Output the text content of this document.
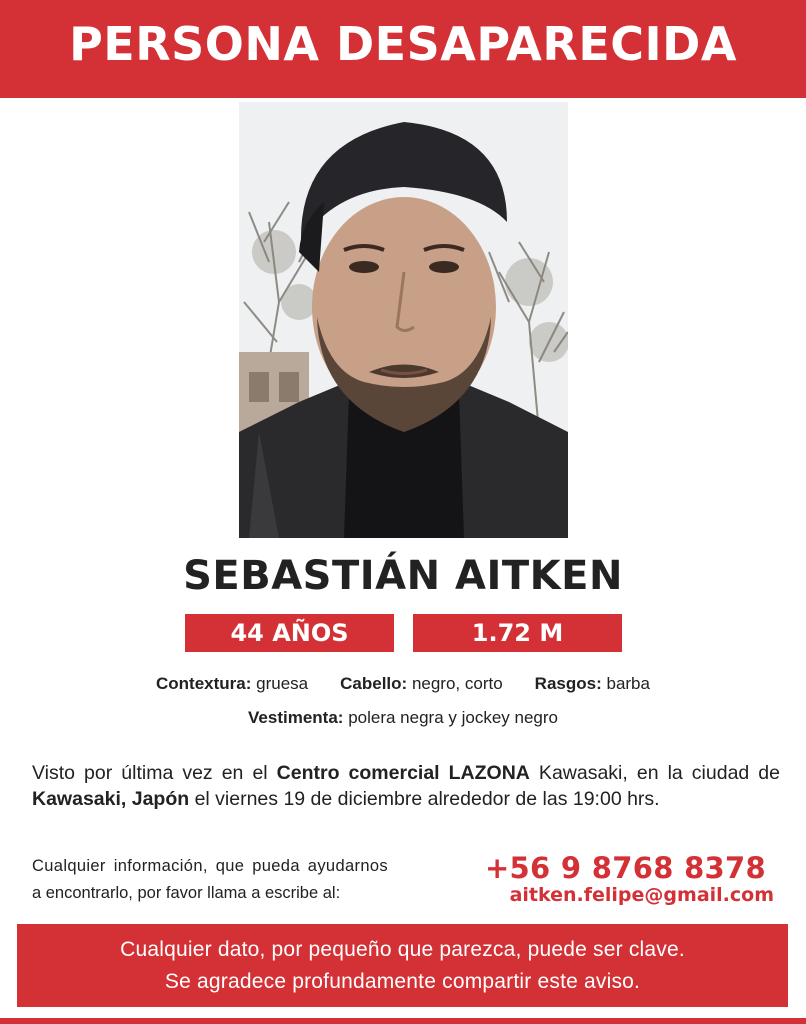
PERSONA DESAPARECIDA
SEBASTIÁN AITKEN
44 AÑOS	1.72 M
Contextura: gruesa Cabello: negro, corto Rasgos: barba
Vestimenta: polera negra y jockey negro

Visto por última vez en el Centro comercial LAZONA Kawasaki, en la ciudad de Kawasaki, Japón el viernes 19 de diciembre alrededor de las 19:00 hrs.

Cualquier información, que pueda ayudarnos
a encontrarlo, por favor llama a escribe al:
+56 9 8768 8378
aitken.felipe@gmail.com
Cualquier dato, por pequeño que parezca, puede ser clave.
Se agradece profundamente compartir este aviso.
